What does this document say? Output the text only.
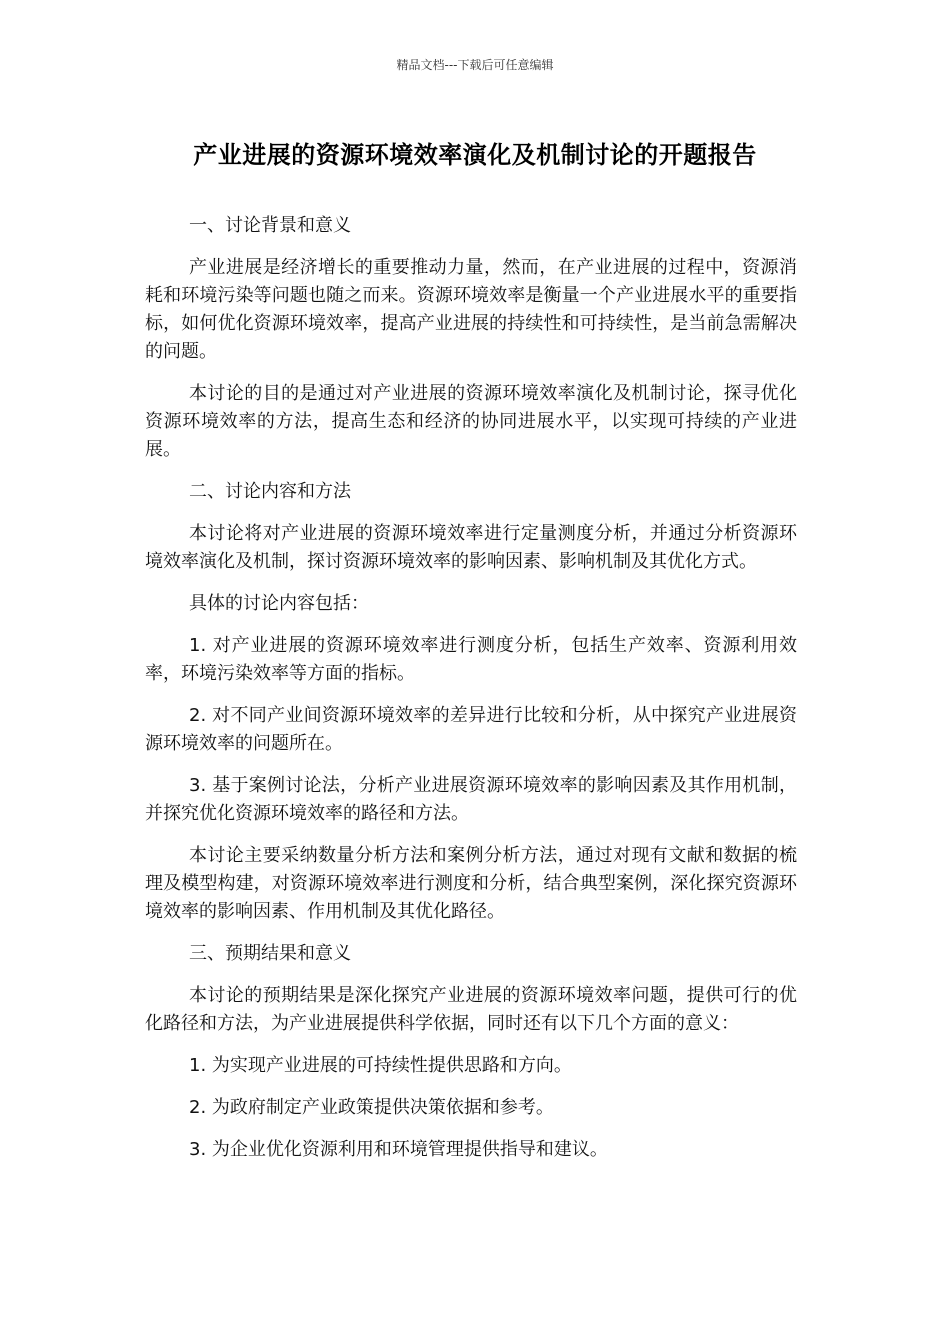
精品文档---下载后可任意编辑
产业进展的资源环境效率演化及机制讨论的开题报告

一、讨论背景和意义

产业进展是经济增长的重要推动力量，然而，在产业进展的过程中，资源消耗和环境污染等问题也随之而来。资源环境效率是衡量一个产业进展水平的重要指标，如何优化资源环境效率，提高产业进展的持续性和可持续性，是当前急需解决的问题。

本讨论的目的是通过对产业进展的资源环境效率演化及机制讨论，探寻优化资源环境效率的方法，提高生态和经济的协同进展水平，以实现可持续的产业进展。

二、讨论内容和方法

本讨论将对产业进展的资源环境效率进行定量测度分析，并通过分析资源环境效率演化及机制，探讨资源环境效率的影响因素、影响机制及其优化方式。

具体的讨论内容包括：

1. 对产业进展的资源环境效率进行测度分析，包括生产效率、资源利用效率，环境污染效率等方面的指标。

2. 对不同产业间资源环境效率的差异进行比较和分析，从中探究产业进展资源环境效率的问题所在。

3. 基于案例讨论法，分析产业进展资源环境效率的影响因素及其作用机制，并探究优化资源环境效率的路径和方法。

本讨论主要采纳数量分析方法和案例分析方法，通过对现有文献和数据的梳理及模型构建，对资源环境效率进行测度和分析，结合典型案例，深化探究资源环境效率的影响因素、作用机制及其优化路径。

三、预期结果和意义

本讨论的预期结果是深化探究产业进展的资源环境效率问题，提供可行的优化路径和方法，为产业进展提供科学依据，同时还有以下几个方面的意义：

1. 为实现产业进展的可持续性提供思路和方向。

2. 为政府制定产业政策提供决策依据和参考。

3. 为企业优化资源利用和环境管理提供指导和建议。
